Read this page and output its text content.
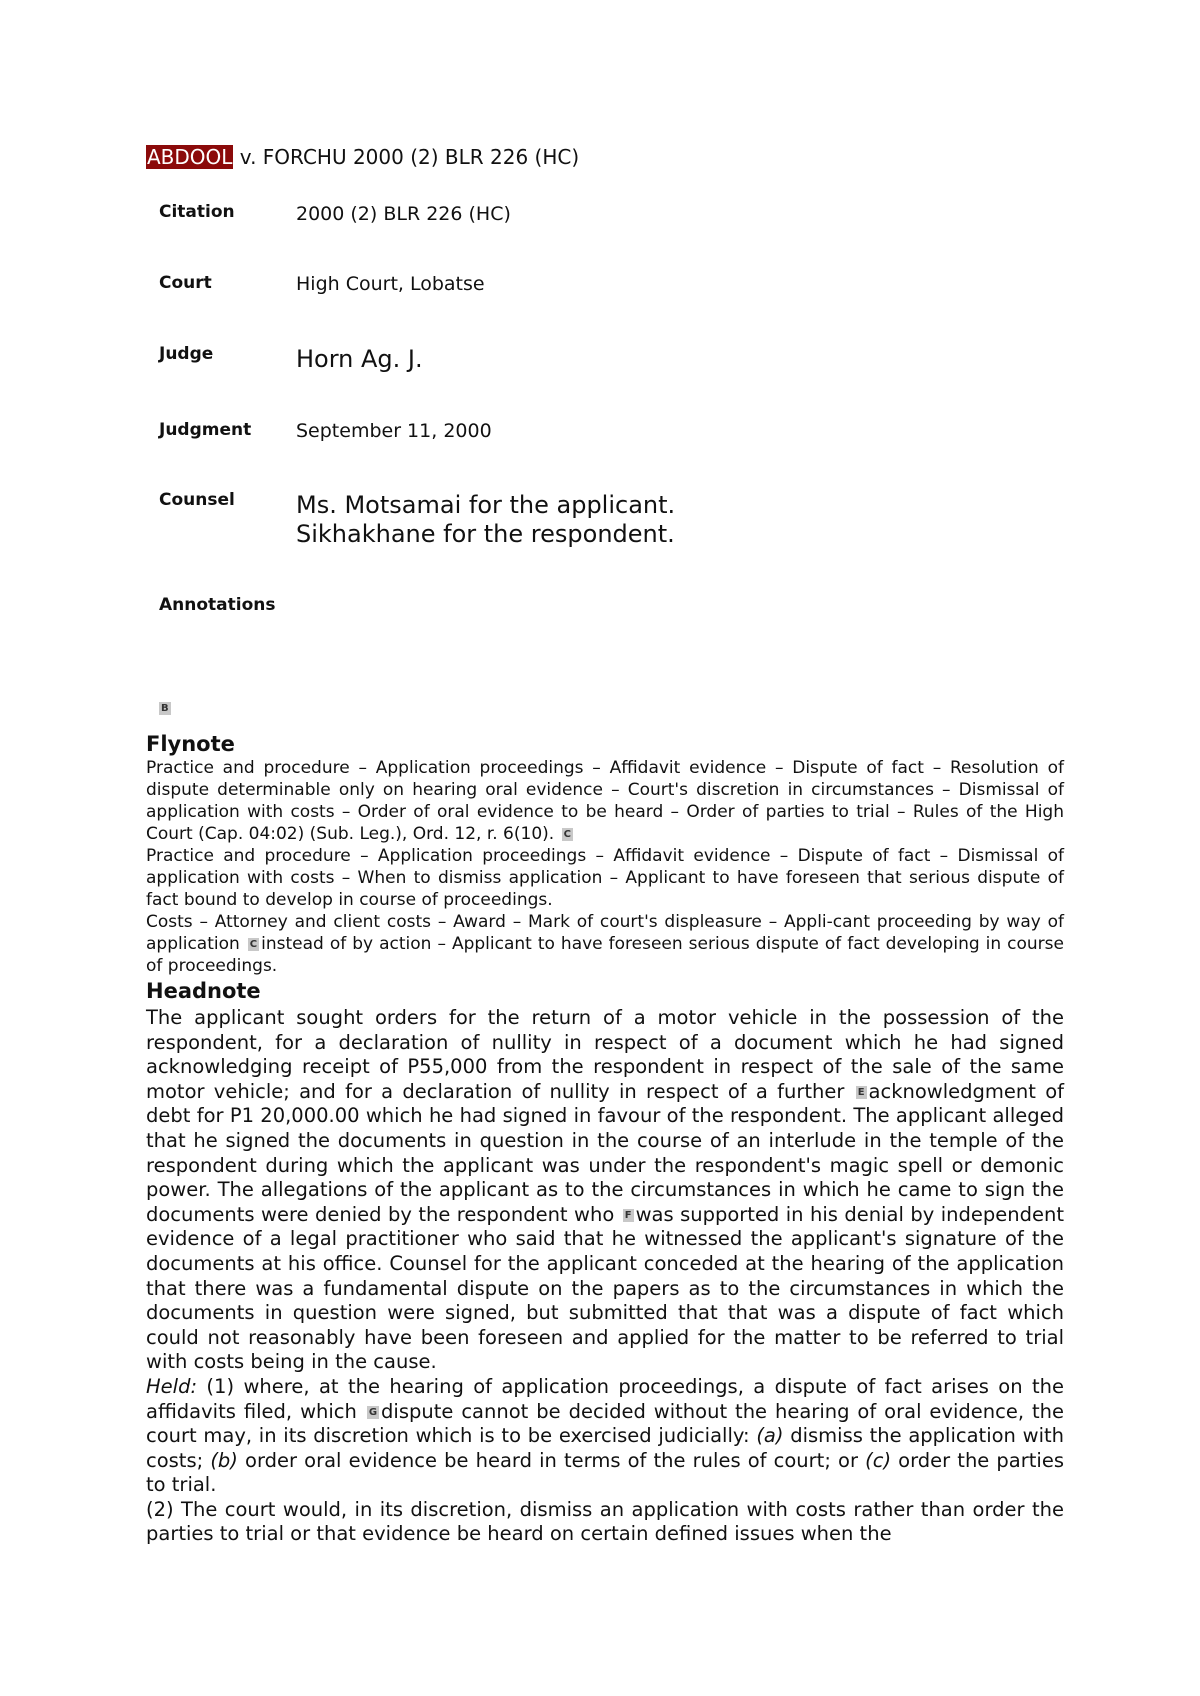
ABDOOL v. FORCHU 2000 (2) BLR 226 (HC)
Citation	2000 (2) BLR 226 (HC)
Court	High Court, Lobatse
Judge	Horn Ag. J.
Judgment September 11, 2000
Counsel	Ms. Motsamai for the applicant.
Sikhakhane for the respondent.
Annotations
B
Flynote

Practice and procedure – Application proceedings – Affidavit evidence – Dispute of fact – Resolution of dispute determinable only on hearing oral evidence – Court's discretion in circumstances – Dismissal of application with costs – Order of oral evidence to be heard – Order of parties to trial – Rules of the High Court (Cap. 04:02) (Sub. Leg.), Ord. 12, r. 6(10). C

Practice and procedure – Application proceedings – Affidavit evidence – Dispute of fact – Dismissal of application with costs – When to dismiss application – Applicant to have foreseen that serious dispute of fact bound to develop in course of proceedings.

Costs – Attorney and client costs – Award – Mark of court's displeasure – Appli-cant proceeding by way of application C instead of by action – Applicant to have foreseen serious dispute of fact developing in course of proceedings.

Headnote

The applicant sought orders for the return of a motor vehicle in the possession of the respondent, for a declaration of nullity in respect of a document which he had signed acknowledging receipt of P55,000 from the respondent in respect of the sale of the same motor vehicle; and for a declaration of nullity in respect of a further E acknowledgment of debt for P1 20,000.00 which he had signed in favour of the respondent. The applicant alleged that he signed the documents in question in the course of an interlude in the temple of the respondent during which the applicant was under the respondent's magic spell or demonic power. The allegations of the applicant as to the circumstances in which he came to sign the documents were denied by the respondent who F was supported in his denial by independent evidence of a legal practitioner who said that he witnessed the applicant's signature of the documents at his office. Counsel for the applicant conceded at the hearing of the application that there was a fundamental dispute on the papers as to the circumstances in which the documents in question were signed, but submitted that that was a dispute of fact which could not reasonably have been foreseen and applied for the matter to be referred to trial with costs being in the cause.

Held: (1) where, at the hearing of application proceedings, a dispute of fact arises on the affidavits filed, which G dispute cannot be decided without the hearing of oral evidence, the court may, in its discretion which is to be exercised judicially: (a) dismiss the application with costs; (b) order oral evidence be heard in terms of the rules of court; or (c) order the parties to trial.

(2) The court would, in its discretion, dismiss an application with costs rather than order the parties to trial or that evidence be heard on certain defined issues when the
